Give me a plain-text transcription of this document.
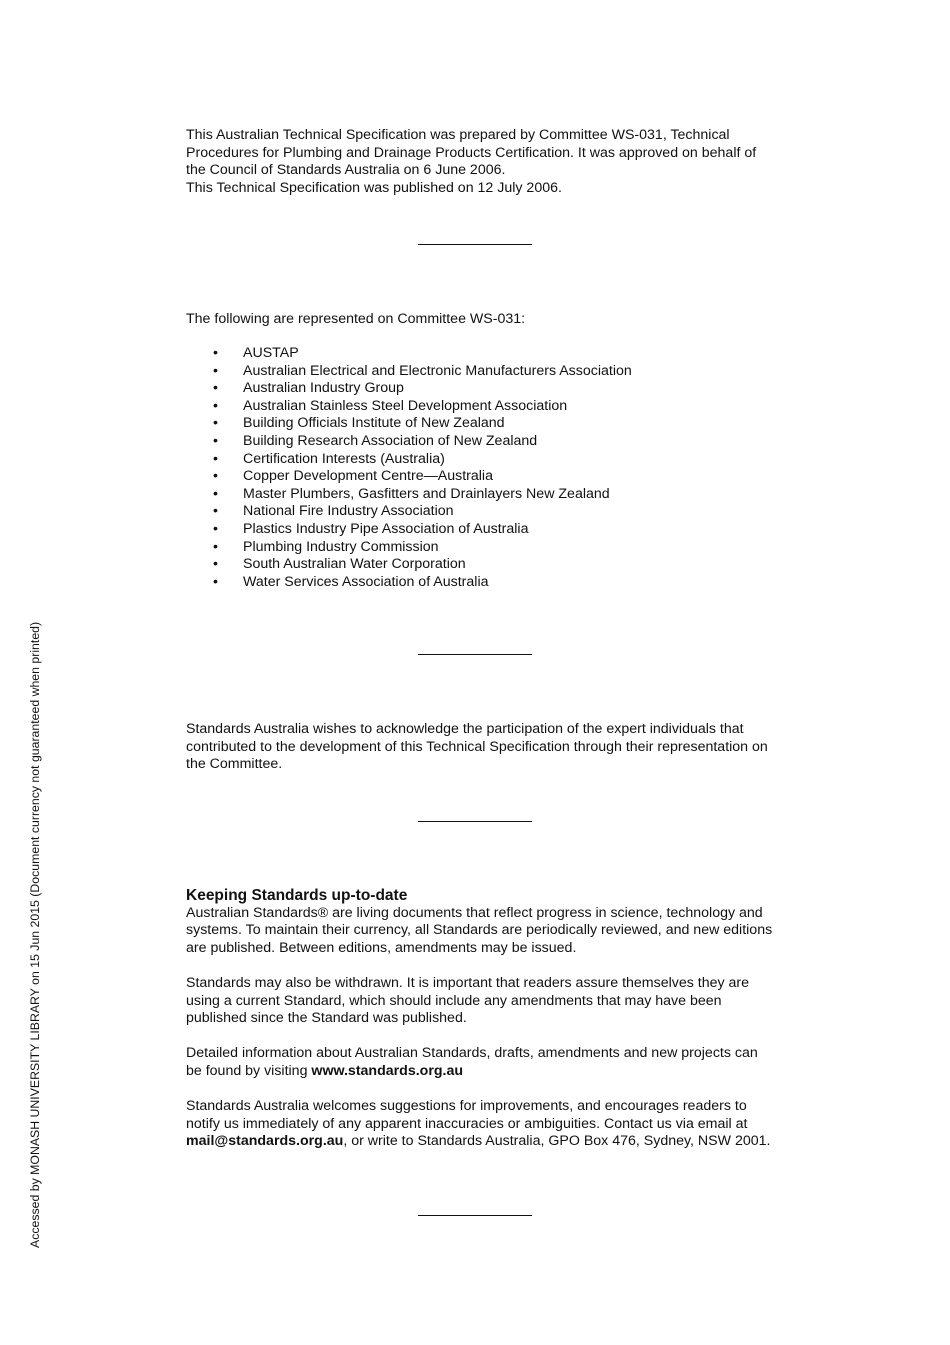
This Australian Technical Specification was prepared by Committee WS-031, Technical
Procedures for Plumbing and Drainage Products Certification. It was approved on behalf of
the Council of Standards Australia on 6 June 2006.
This Technical Specification was published on 12 July 2006.
The following are represented on Committee WS-031:
• AUSTAP
• Australian Electrical and Electronic Manufacturers Association
• Australian Industry Group
• Australian Stainless Steel Development Association
• Building Officials Institute of New Zealand
• Building Research Association of New Zealand
• Certification Interests (Australia)
• Copper Development Centre—Australia
• Master Plumbers, Gasfitters and Drainlayers New Zealand
• National Fire Industry Association
• Plastics Industry Pipe Association of Australia
• Plumbing Industry Commission
• South Australian Water Corporation
• Water Services Association of Australia
Standards Australia wishes to acknowledge the participation of the expert individuals that
contributed to the development of this Technical Specification through their representation on
the Committee.
Keeping Standards up-to-date
Australian Standards® are living documents that reflect progress in science, technology and
systems. To maintain their currency, all Standards are periodically reviewed, and new editions
are published. Between editions, amendments may be issued.
Standards may also be withdrawn. It is important that readers assure themselves they are
using a current Standard, which should include any amendments that may have been
published since the Standard was published.
Detailed information about Australian Standards, drafts, amendments and new projects can
be found by visiting www.standards.org.au
Standards Australia welcomes suggestions for improvements, and encourages readers to
notify us immediately of any apparent inaccuracies or ambiguities. Contact us via email at
mail@standards.org.au, or write to Standards Australia, GPO Box 476, Sydney, NSW 2001.
Accessed by MONASH UNIVERSITY LIBRARY on 15 Jun 2015 (Document currency not guaranteed when printed)
